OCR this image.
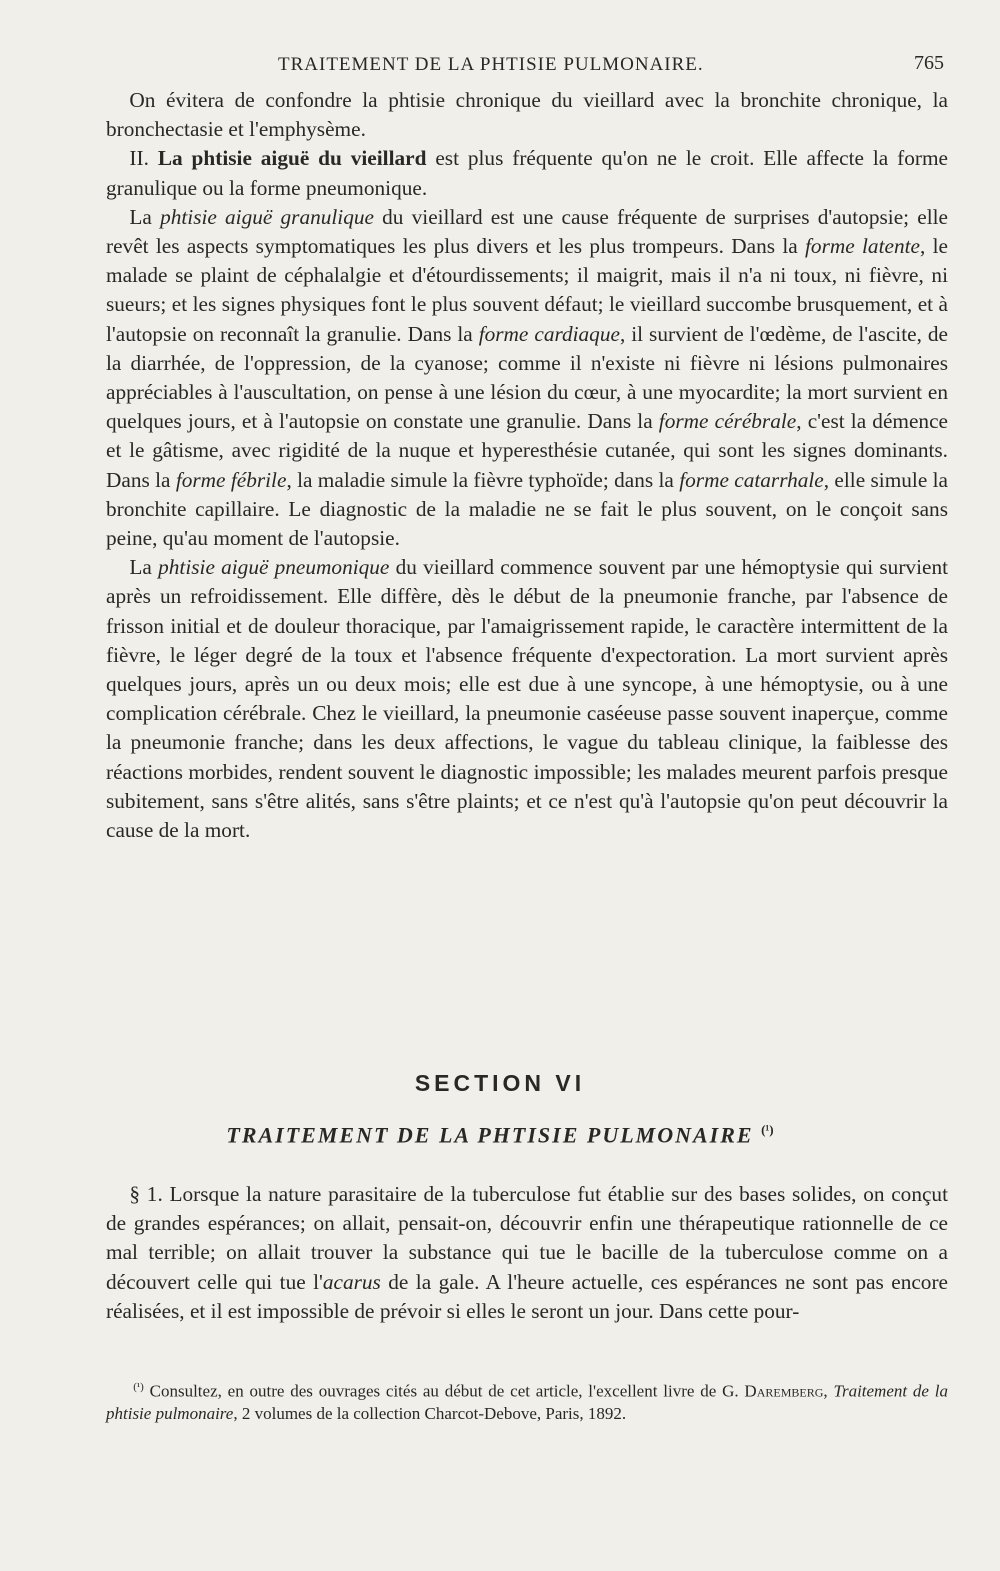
TRAITEMENT DE LA PHTISIE PULMONAIRE.	765

On évitera de confondre la phtisie chronique du vieillard avec la bronchite chronique, la bronchectasie et l'emphysème.

II. La phtisie aiguë du vieillard est plus fréquente qu'on ne le croit. Elle affecte la forme granulique ou la forme pneumonique.

La phtisie aiguë granulique du vieillard est une cause fréquente de surprises d'autopsie; elle revêt les aspects symptomatiques les plus divers et les plus trompeurs. Dans la forme latente, le malade se plaint de céphalalgie et d'étourdissements; il maigrit, mais il n'a ni toux, ni fièvre, ni sueurs; et les signes physiques font le plus souvent défaut; le vieillard succombe brusquement, et à l'autopsie on reconnaît la granulie. Dans la forme cardiaque, il survient de l'œdème, de l'ascite, de la diarrhée, de l'oppression, de la cyanose; comme il n'existe ni fièvre ni lésions pulmonaires appréciables à l'auscultation, on pense à une lésion du cœur, à une myocardite; la mort survient en quelques jours, et à l'autopsie on constate une granulie. Dans la forme cérébrale, c'est la démence et le gâtisme, avec rigidité de la nuque et hyperesthésie cutanée, qui sont les signes dominants. Dans la forme fébrile, la maladie simule la fièvre typhoïde; dans la forme catarrhale, elle simule la bronchite capillaire. Le diagnostic de la maladie ne se fait le plus souvent, on le conçoit sans peine, qu'au moment de l'autopsie.

La phtisie aiguë pneumonique du vieillard commence souvent par une hémoptysie qui survient après un refroidissement. Elle diffère, dès le début de la pneumonie franche, par l'absence de frisson initial et de douleur thoracique, par l'amaigrissement rapide, le caractère intermittent de la fièvre, le léger degré de la toux et l'absence fréquente d'expectoration. La mort survient après quelques jours, après un ou deux mois; elle est due à une syncope, à une hémoptysie, ou à une complication cérébrale. Chez le vieillard, la pneumonie caséeuse passe souvent inaperçue, comme la pneumonie franche; dans les deux affections, le vague du tableau clinique, la faiblesse des réactions morbides, rendent souvent le diagnostic impossible; les malades meurent parfois presque subitement, sans s'être alités, sans s'être plaints; et ce n'est qu'à l'autopsie qu'on peut découvrir la cause de la mort.

SECTION VI
TRAITEMENT DE LA PHTISIE PULMONAIRE $^{(^1)}$

§ 1. Lorsque la nature parasitaire de la tuberculose fut établie sur des bases solides, on conçut de grandes espérances; on allait, pensait-on, découvrir enfin une thérapeutique rationnelle de ce mal terrible; on allait trouver la substance qui tue le bacille de la tuberculose comme on a découvert celle qui tue l'acarus de la gale. A l'heure actuelle, ces espérances ne sont pas encore réalisées, et il est impossible de prévoir si elles le seront un jour. Dans cette pour-

$^{(^1)}$ Consultez, en outre des ouvrages cités au début de cet article, l'excellent livre de G. Daremberg, Traitement de la phtisie pulmonaire, 2 volumes de la collection Charcot-Debove, Paris, 1892.
